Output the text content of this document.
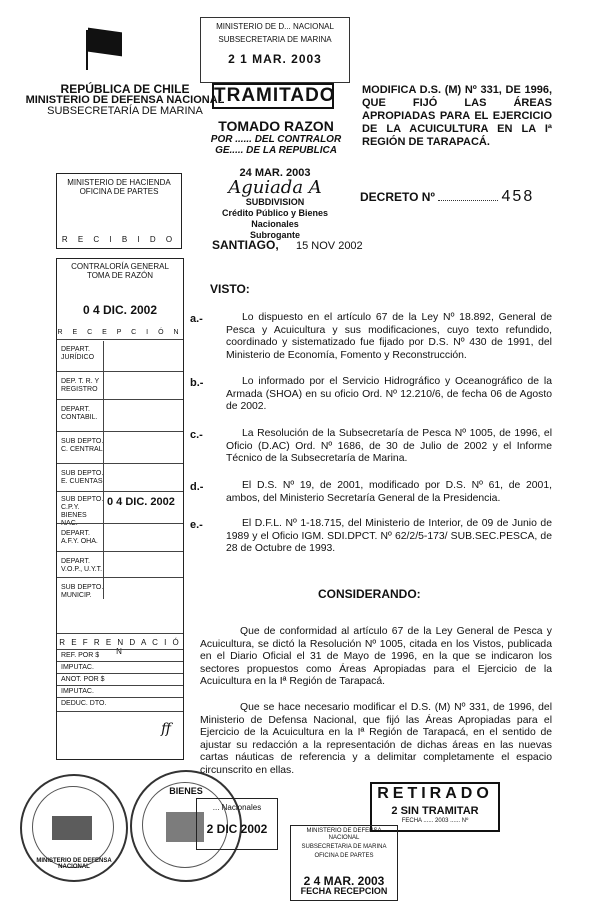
REPÚBLICA DE CHILE
MINISTERIO DE DEFENSA NACIONAL
SUBSECRETARÍA DE MARINA
MINISTERIO DE D... NACIONAL
SUBSECRETARIA DE MARINA
2 1 MAR. 2003
TRAMITADO
TOMADO RAZON
POR ...... DEL CONTRALOR
GE..... DE LA REPUBLICA
24 MAR. 2003
Aguiada A
SUBDIVISION
Crédito Público y Bienes Nacionales
Subrogante
MODIFICA D.S. (M) Nº 331, DE 1996, QUE FIJÓ LAS ÁREAS APROPIADAS PARA EL EJERCICIO DE LA ACUICULTURA EN LA Iª REGIÓN DE TARAPACÁ.
DECRETO Nº	458
MINISTERIO DE HACIENDA
OFICINA DE PARTES
R E C I B I D O
CONTRALORÍA GENERAL
TOMA DE RAZÓN
0 4 DIC. 2002
R E C E P C I Ó N
DEPART. JURÍDICO
DEP. T. R. Y REGISTRO
DEPART. CONTABIL.
SUB DEPTO. C. CENTRAL
SUB DEPTO. E. CUENTAS
SUB DEPTO. C.P.Y. BIENES NAC.
0 4 DIC. 2002
DEPART. A.F.Y. OHA.
DEPART. V.O.P., U.Y.T.
SUB DEPTO. MUNICIP.
R E F R E N D A C I Ó N
REF. POR $
IMPUTAC.
ANOT. POR $
IMPUTAC.
DEDUC. DTO.
ff
SANTIAGO, 15 NOV 2002
VISTO:
a.-	Lo dispuesto en el artículo 67 de la Ley Nº 18.892, General de Pesca y Acuicultura y sus modificaciones, cuyo texto refundido, coordinado y sistematizado fue fijado por D.S. Nº 430 de 1991, del Ministerio de Economía, Fomento y Reconstrucción.
b.-	Lo informado por el Servicio Hidrográfico y Oceanográfico de la Armada (SHOA) en su oficio Ord. Nº 12.210/6, de fecha 06 de Agosto de 2002.
c.-	La Resolución de la Subsecretaría de Pesca Nº 1005, de 1996, el Oficio (D.AC) Ord. Nº 1686, de 30 de Julio de 2002 y el Informe Técnico de la Subsecretaría de Marina.
d.-	El D.S. Nº 19, de 2001, modificado por D.S. Nº 61, de 2001, ambos, del Ministerio Secretaría General de la Presidencia.
e.-	El D.F.L. Nº 1-18.715, del Ministerio de Interior, de 09 de Junio de 1989 y el Oficio IGM. SDI.DPCT. Nº 62/2/5-173/ SUB.SEC.PESCA, de 28 de Octubre de 1993.
CONSIDERANDO:
Que de conformidad al artículo 67 de la Ley General de Pesca y Acuicultura, se dictó la Resolución Nº 1005, citada en los Vistos, publicada en el Diario Oficial el 31 de Mayo de 1996, en la que se indicaron los sectores propuestos como Áreas Apropiadas para el Ejercicio de la Acuicultura en la Iª Región de Tarapacá.
Que se hace necesario modificar el D.S. (M) Nº 331, de 1996, del Ministerio de Defensa Nacional, que fijó las Áreas Apropiadas para el Ejercicio de la Acuicultura en la Iª Región de Tarapacá, en el sentido de ajustar su redacción a la representación de dichas áreas en las nuevas cartas náuticas de referencia y a delimitar completamente el espacio circunscrito en ellas.
MINISTERIO DE DEFENSA NACIONAL
BIENES
... Nacionales
2 DIC 2002
RETIRADO
2 SIN TRAMITAR
FECHA ...... 2003 ...... Nº
MINISTERIO DE DEFENSA NACIONAL
SUBSECRETARIA DE MARINA
OFICINA DE PARTES
2 4 MAR. 2003
FECHA RECEPCION
